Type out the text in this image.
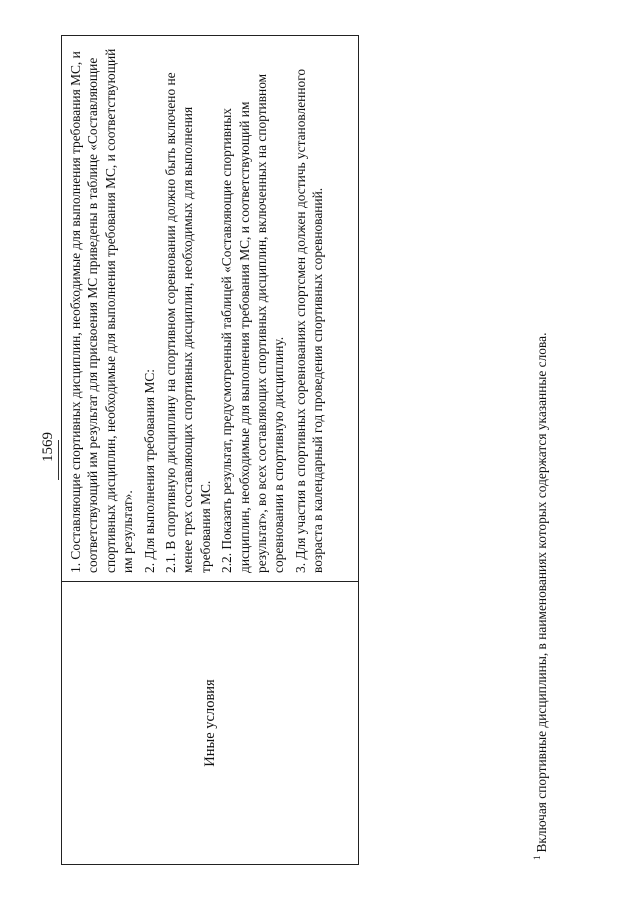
1569
Иные условия	

1. Составляющие спортивных дисциплин, необходимые для выполнения требования МС, и соответствующий им результат для присвоения МС приведены в таблице «Составляющие спортивных дисциплин, необходимые для выполнения требования МС, и соответствующий им результат». 2. Для выполнения требования МС: 2.1. В спортивную дисциплину на спортивном соревновании должно быть включено не менее трех составляющих спортивных дисциплин, необходимых для выполнения требования МС. 2.2. Показать результат, предусмотренный таблицей «Составляющие спортивных дисциплин, необходимые для выполнения требования МС, и соответствующий им результат», во всех составляющих спортивных дисциплин, включенных на спортивном соревновании в спортивную дисциплину. 3. Для участия в спортивных соревнованиях спортсмен должен достичь установленного возраста в календарный год проведения спортивных соревнований.

$^1$Включая спортивные дисциплины, в наименованиях которых содержатся указанные слова.
